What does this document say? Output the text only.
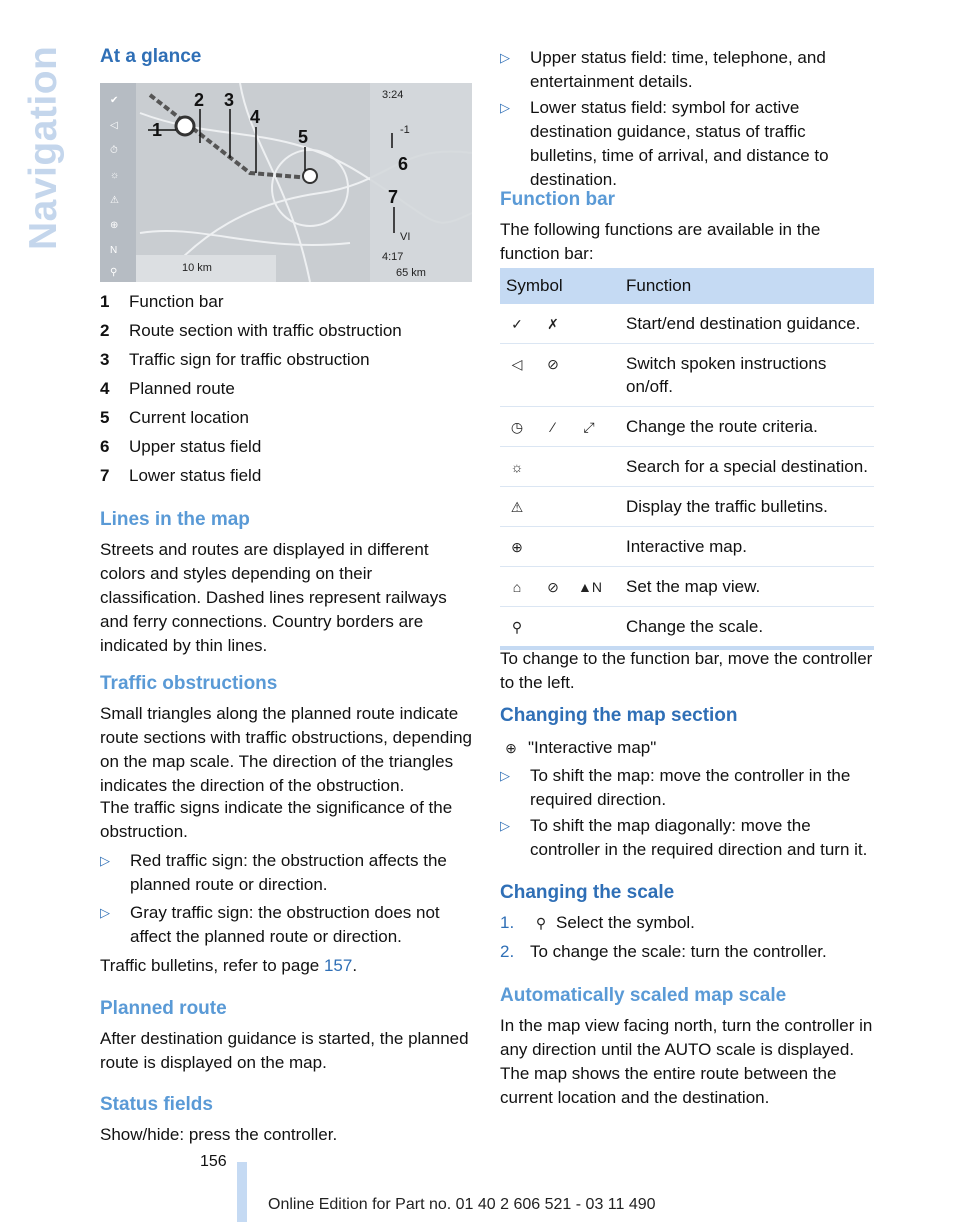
Navigation At a glance
✔
◁
⏱
☼
⚠
⊕
N
⚲
3:24
-1
VI
4:17
65 km
10 km
1
2 3
4
5
6
7
1 Function bar
2 Route section with traffic obstruction
3 Traffic sign for traffic obstruction
4 Planned route
5 Current location
6 Upper status field
7 Lower status field
Lines in the map
Streets and routes are displayed in different colors and styles depending on their classification. Dashed lines represent railways and ferry connections. Country borders are indicated by thin lines.
Traffic obstructions
Small triangles along the planned route indicate route sections with traffic obstructions, depending on the map scale. The direction of the triangles indicates the direction of the obstruction.
The traffic signs indicate the significance of the obstruction.
▷ Red traffic sign: the obstruction affects the planned route or direction.
▷ Gray traffic sign: the obstruction does not affect the planned route or direction.
Traffic bulletins, refer to page 157.
Planned route
After destination guidance is started, the planned route is displayed on the map.
Status fields
Show/hide: press the controller.
▷ Upper status field: time, telephone, and entertainment details.
▷ Lower status field: symbol for active destination guidance, status of traffic bulletins, time of arrival, and distance to destination.
Function bar
The following functions are available in the function bar:
Symbol	Function
✓ ✗	Start/end destination guidance.
◁ ⊘	Switch spoken instructions on/off.
◷ ⁄ ⤢	Change the route criteria.
☼	Search for a special destination.
⚠	Display the traffic bulletins.
⊕	Interactive map.
⌂ ⊘ ▲N	Set the map view.
⚲	Change the scale.
To change to the function bar, move the controller to the left.
Changing the map section
⊕ "Interactive map"
▷ To shift the map: move the controller in the required direction.
▷ To shift the map diagonally: move the controller in the required direction and turn it.
Changing the scale
1.	⚲ Select the symbol.
2. To change the scale: turn the controller.
Automatically scaled map scale
In the map view facing north, turn the controller in any direction until the AUTO scale is displayed. The map shows the entire route between the current location and the destination.
156
Online Edition for Part no. 01 40 2 606 521 - 03 11 490
